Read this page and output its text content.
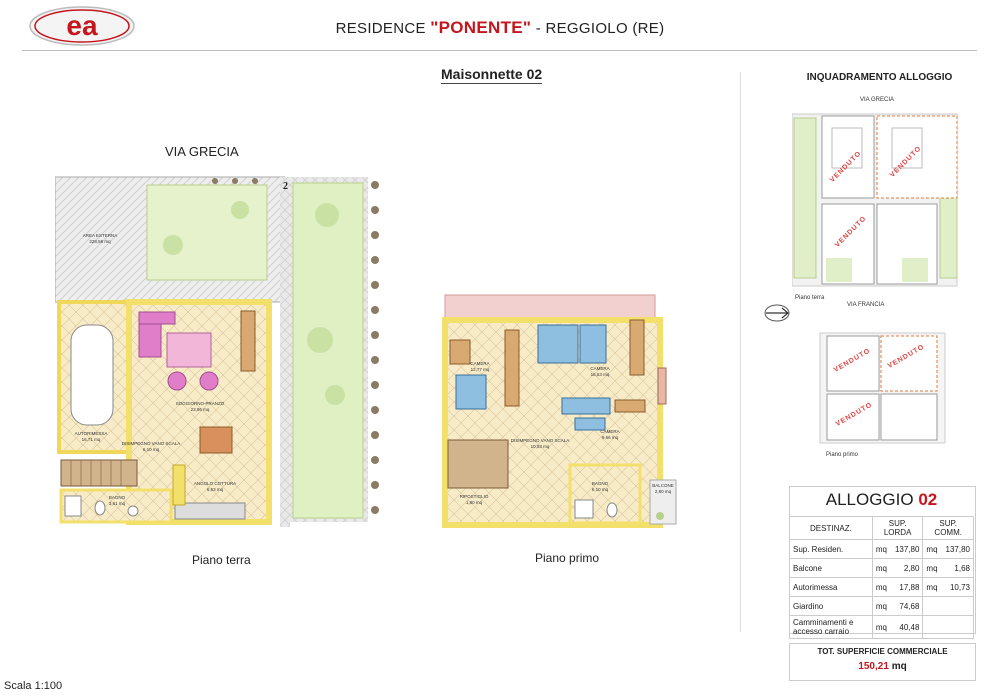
ea	RESIDENCE "PONENTE" - REGGIOLO (RE)
Maisonnette 02
VIA GRECIA
2
AREA ESTERNA
228,58 mq
SOGGIORNO-PRANZO
23,86 mq
AUTORIMESSA
16,71 mq
DISIMPEGNO VANO SCALA
6,10 mq
ANGOLO COTTURA
6,53 mq
BAGNO
3,61 mq
CAMERA
12,77 mq	CAMERA
16,53 mq
CAMERA
9,66 mq
DISIMPEGNO VANO SCALA
10,93 mq
RIPOSTIGLIO
1,80 mq
BAGNO
6,10 mq
BALCONE
2,80 mq
Piano terra	Piano primo
Scala 1:100
INQUADRAMENTO ALLOGGIO
VIA GRECIA
VENDUTO	VENDUTO
VENDUTO
Piano terra
VIA FRANCIA
VENDUTO VENDUTO
VENDUTO
Piano primo
ALLOGGIO 02
DESTINAZ.	SUP. LORDA		SUP. COMM.	
Sup. Residen.	mq	137,80	mq	137,80
Balcone	mq	2,80	mq	1,68
Autorimessa	mq	17,88	mq	10,73
Giardino	mq	74,68		
Camminamenti e accesso carraio	mq	40,48		
TOT. SUPERFICIE COMMERCIALE
150,21 mq
